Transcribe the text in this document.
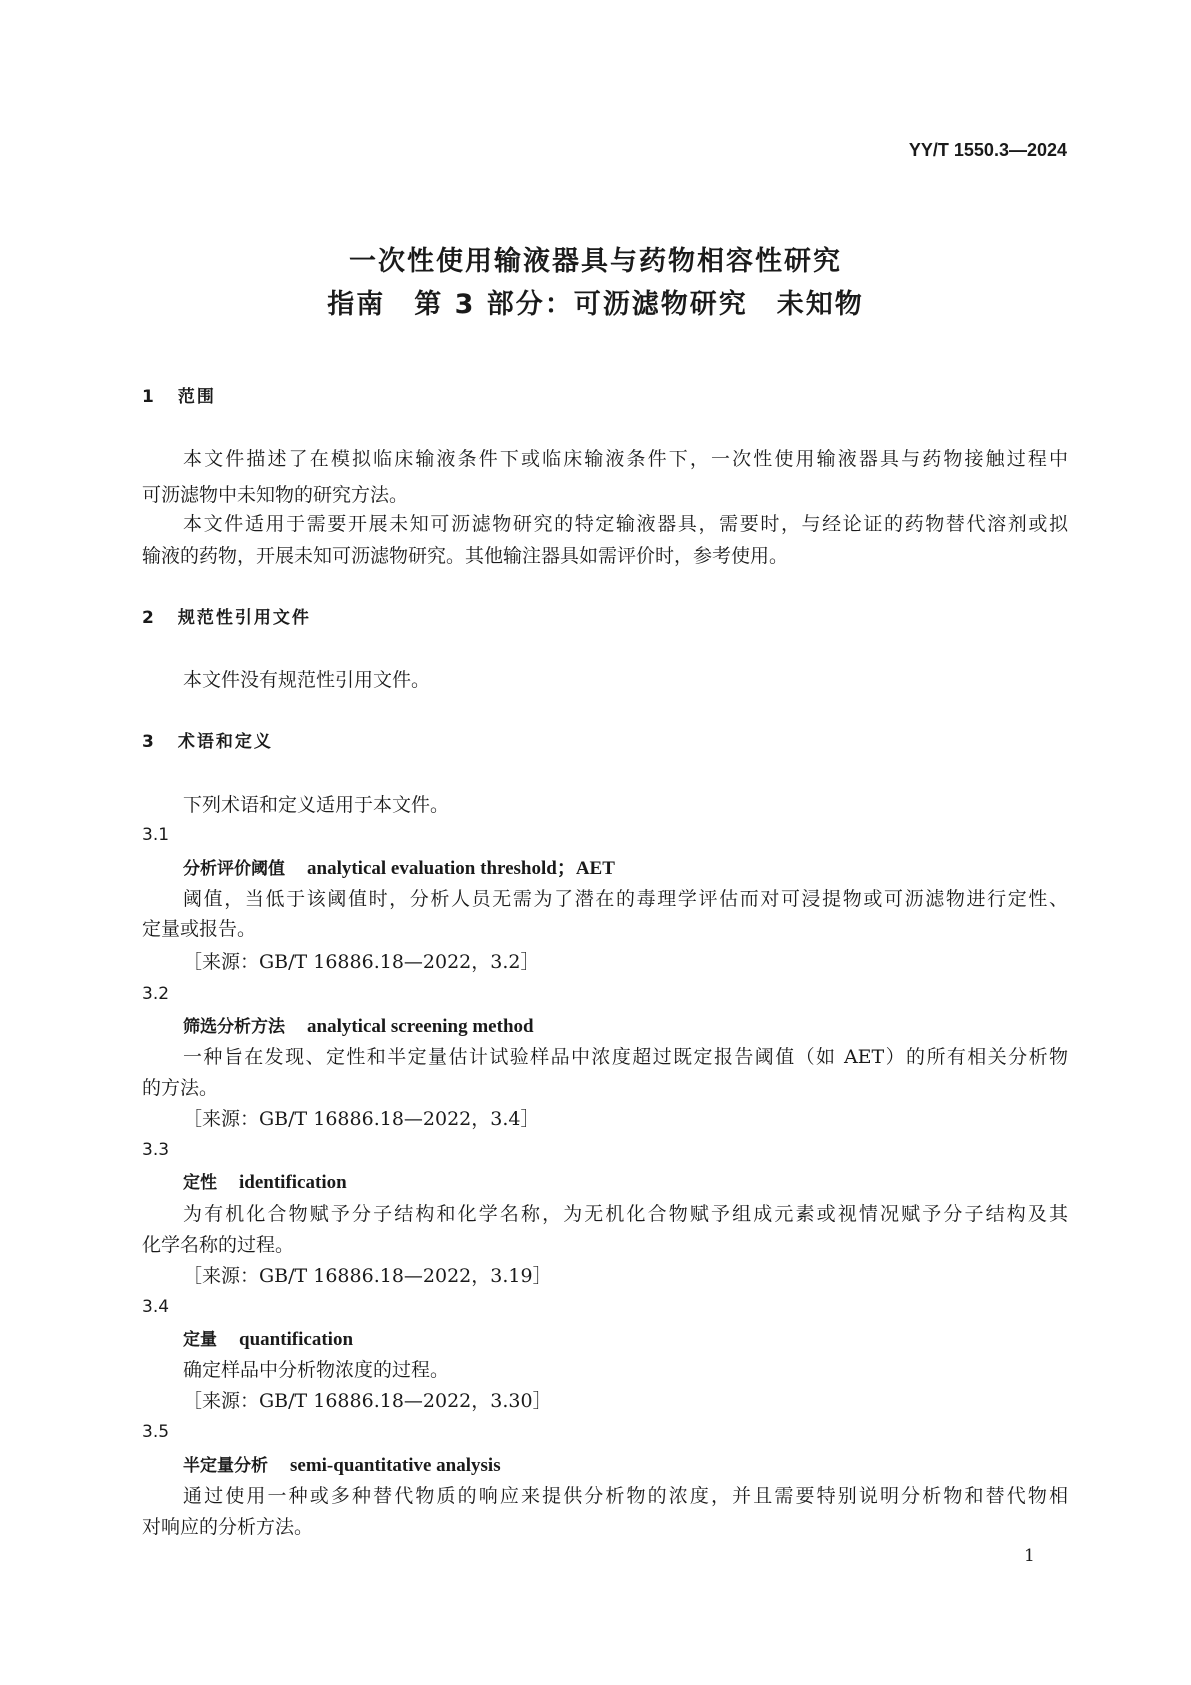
YY/T 1550.3—2024
一次性使用输液器具与药物相容性研究
指南　第 3 部分：可沥滤物研究　未知物
1 范围
本文件描述了在模拟临床输液条件下或临床输液条件下，一次性使用输液器具与药物接触过程中
可沥滤物中未知物的研究方法。
本文件适用于需要开展未知可沥滤物研究的特定输液器具，需要时，与经论证的药物替代溶剂或拟
输液的药物，开展未知可沥滤物研究。其他输注器具如需评价时，参考使用。
2 规范性引用文件
本文件没有规范性引用文件。
3 术语和定义
下列术语和定义适用于本文件。
3.1
分析评价阈值 analytical evaluation threshold；AET
阈值，当低于该阈值时，分析人员无需为了潜在的毒理学评估而对可浸提物或可沥滤物进行定性、
定量或报告。
［来源：GB/T 16886.18—2022，3.2］
3.2
筛选分析方法 analytical screening method
一种旨在发现、定性和半定量估计试验样品中浓度超过既定报告阈值（如 AET）的所有相关分析物
的方法。
［来源：GB/T 16886.18—2022，3.4］
3.3
定性 identification
为有机化合物赋予分子结构和化学名称，为无机化合物赋予组成元素或视情况赋予分子结构及其
化学名称的过程。
［来源：GB/T 16886.18—2022，3.19］
3.4
定量 quantification
确定样品中分析物浓度的过程。
［来源：GB/T 16886.18—2022，3.30］
3.5
半定量分析 semi-quantitative analysis
通过使用一种或多种替代物质的响应来提供分析物的浓度，并且需要特别说明分析物和替代物相
对响应的分析方法。
1
